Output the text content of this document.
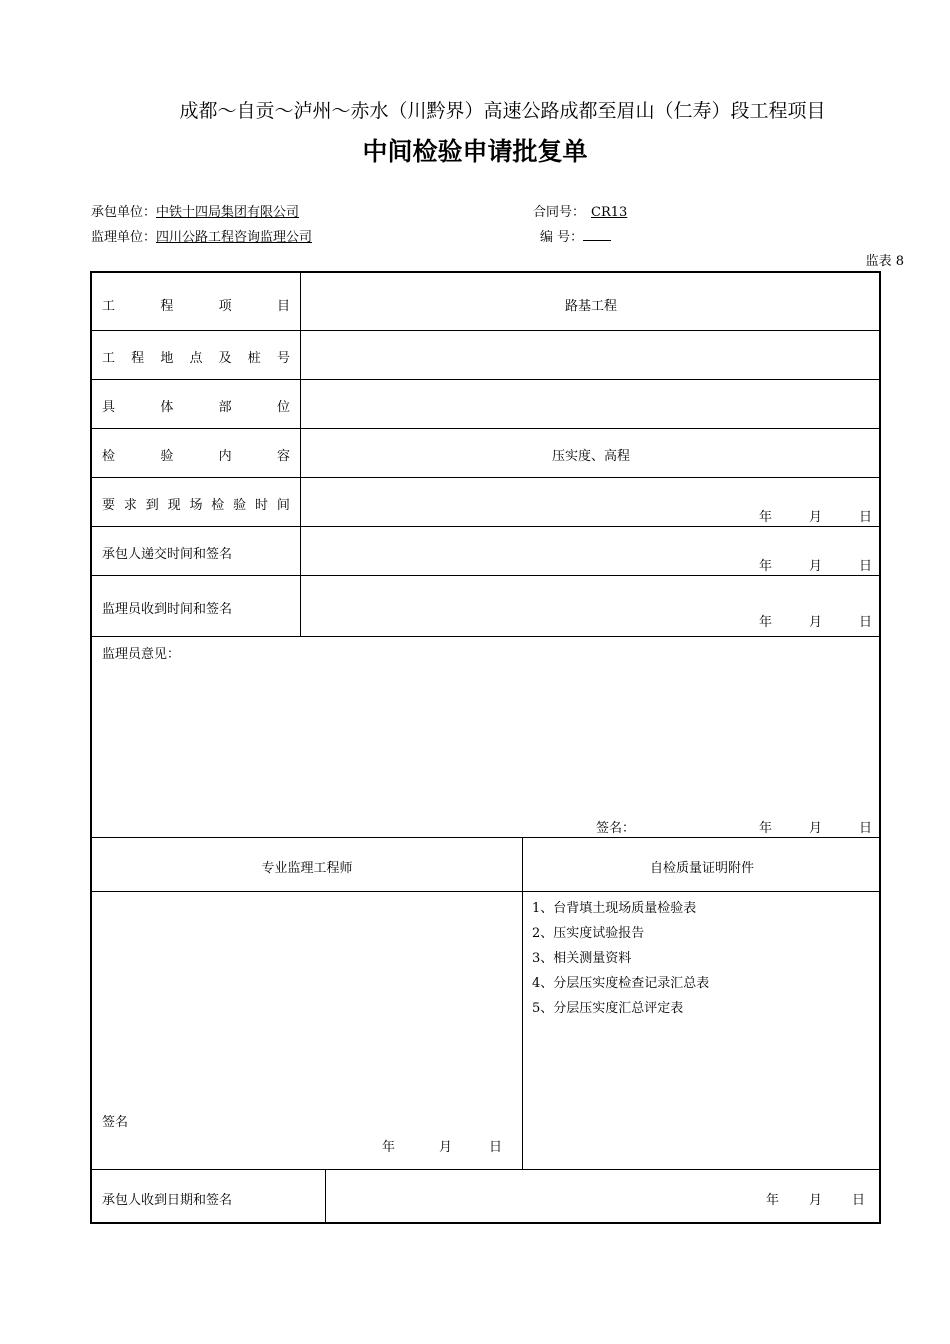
成都～自贡～泸州～赤水（川黔界）高速公路成都至眉山（仁寿）段工程项目
中间检验申请批复单
承包单位：中铁十四局集团有限公司	合同号： CR13
监理单位：四川公路工程咨询监理公司	编 号：
监表 8
工	程	项	目	路基工程
工 程 地 点 及 桩 号
具	体	部	位
检	验	内	容	压实度、高程
要 求 到 现 场 检 验 时 间
年	月	日
承包人递交时间和签名
年	月	日
监理员收到时间和签名
年	月	日
监理员意见：
签名：	年	月	日
专业监理工程师	自检质量证明附件
签名
年	月	日
1、台背填土现场质量检验表
2、压实度试验报告
3、相关测量资料
4、分层压实度检查记录汇总表
5、分层压实度汇总评定表
承包人收到日期和签名	年 月 日
